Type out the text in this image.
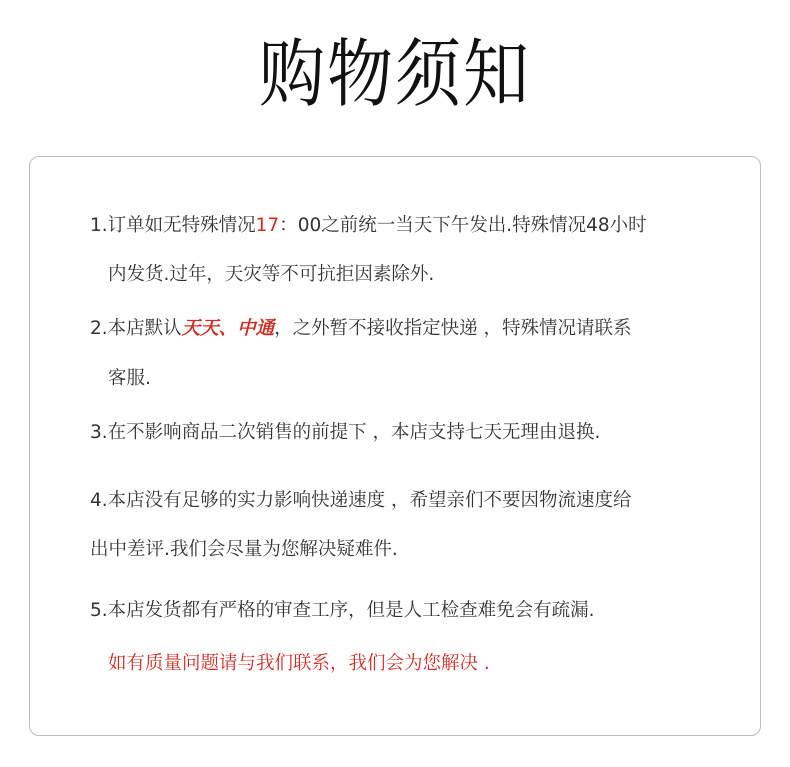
购物须知
1.订单如无特殊情况17：00之前统一当天下午发出.特殊情况48小时
内发货.过年，天灾等不可抗拒因素除外.
2.本店默认天天、中通，之外暂不接收指定快递 ，特殊情况请联系
客服.
3.在不影响商品二次销售的前提下 ，本店支持七天无理由退换.
4.本店没有足够的实力影响快递速度 ，希望亲们不要因物流速度给
出中差评.我们会尽量为您解决疑难件.
5.本店发货都有严格的审查工序，但是人工检查难免会有疏漏.
如有质量问题请与我们联系，我们会为您解决 .
